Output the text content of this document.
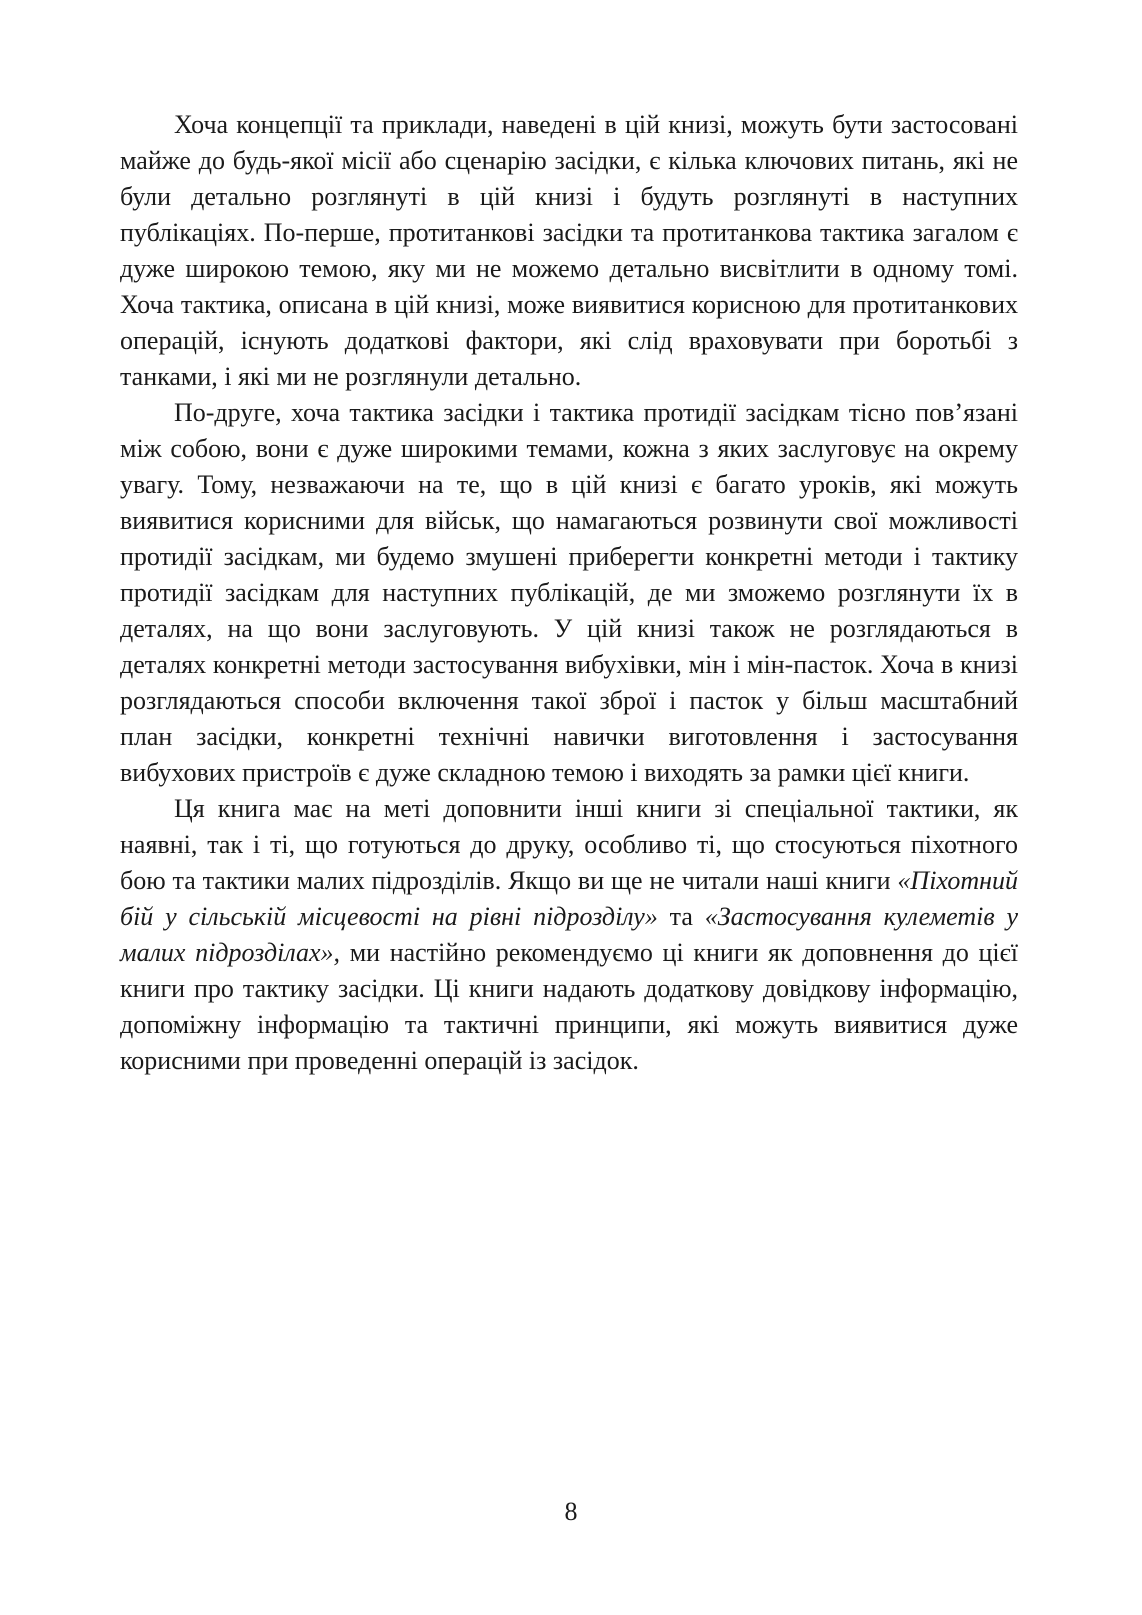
Хоча концепції та приклади, наведені в цій книзі, можуть бути застосовані майже до будь-якої місії або сценарію засідки, є кілька ключових питань, які не були детально розглянуті в цій книзі і будуть розглянуті в наступних публікаціях. По-перше, протитанкові засідки та протитанкова тактика загалом є дуже широкою темою, яку ми не можемо детально висвітлити в одному томі. Хоча тактика, описана в цій книзі, може виявитися корисною для протитанкових операцій, існують додаткові фактори, які слід враховувати при боротьбі з танками, і які ми не розглянули детально.

По-друге, хоча тактика засідки і тактика протидії засідкам тісно пов’язані між собою, вони є дуже широкими темами, кожна з яких заслуговує на окрему увагу. Тому, незважаючи на те, що в цій книзі є багато уроків, які можуть виявитися корисними для військ, що намагаються розвинути свої можливості протидії засідкам, ми будемо змушені приберегти конкретні методи і тактику протидії засідкам для наступних публікацій, де ми зможемо розглянути їх в деталях, на що вони заслуговують. У цій книзі також не розглядаються в деталях конкретні методи застосування вибухівки, мін і мін-пасток. Хоча в книзі розглядаються способи включення такої зброї і пасток у більш масштабний план засідки, конкретні технічні навички виготовлення і застосування вибухових пристроїв є дуже складною темою і виходять за рамки цієї книги.

Ця книга має на меті доповнити інші книги зі спеціальної тактики, як наявні, так і ті, що готуються до друку, особливо ті, що стосуються піхотного бою та тактики малих підрозділів. Якщо ви ще не читали наші книги «Піхотний бій у сільській місцевості на рівні підрозділу» та «Застосування кулеметів у малих підрозділах», ми настійно рекомендуємо ці книги як доповнення до цієї книги про тактику засідки. Ці книги надають додаткову довідкову інформацію, допоміжну інформацію та тактичні принципи, які можуть виявитися дуже корисними при проведенні операцій із засідок.

8
